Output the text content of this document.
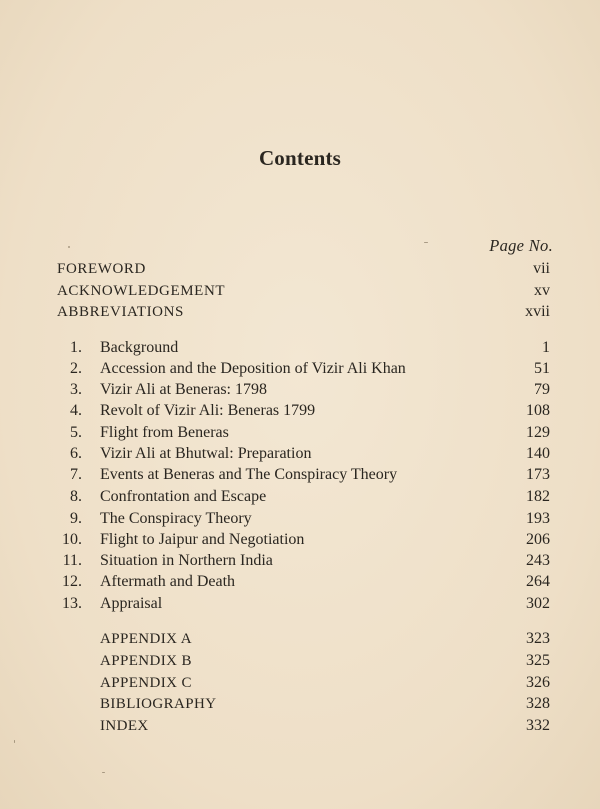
Contents
Page No.
FOREWORD	vii
ACKNOWLEDGEMENT	xv
ABBREVIATIONS	xvii
1. Background	1
2. Accession and the Deposition of Vizir Ali Khan	51
3. Vizir Ali at Beneras: 1798	79
4. Revolt of Vizir Ali: Beneras 1799	108
5. Flight from Beneras	129
6. Vizir Ali at Bhutwal: Preparation	140
7. Events at Beneras and The Conspiracy Theory	173
8. Confrontation and Escape	182
9. The Conspiracy Theory	193
10. Flight to Jaipur and Negotiation	206
11. Situation in Northern India	243
12. Aftermath and Death	264
13. Appraisal	302
APPENDIX A	323
APPENDIX B	325
APPENDIX C	326
BIBLIOGRAPHY	328
INDEX	332
